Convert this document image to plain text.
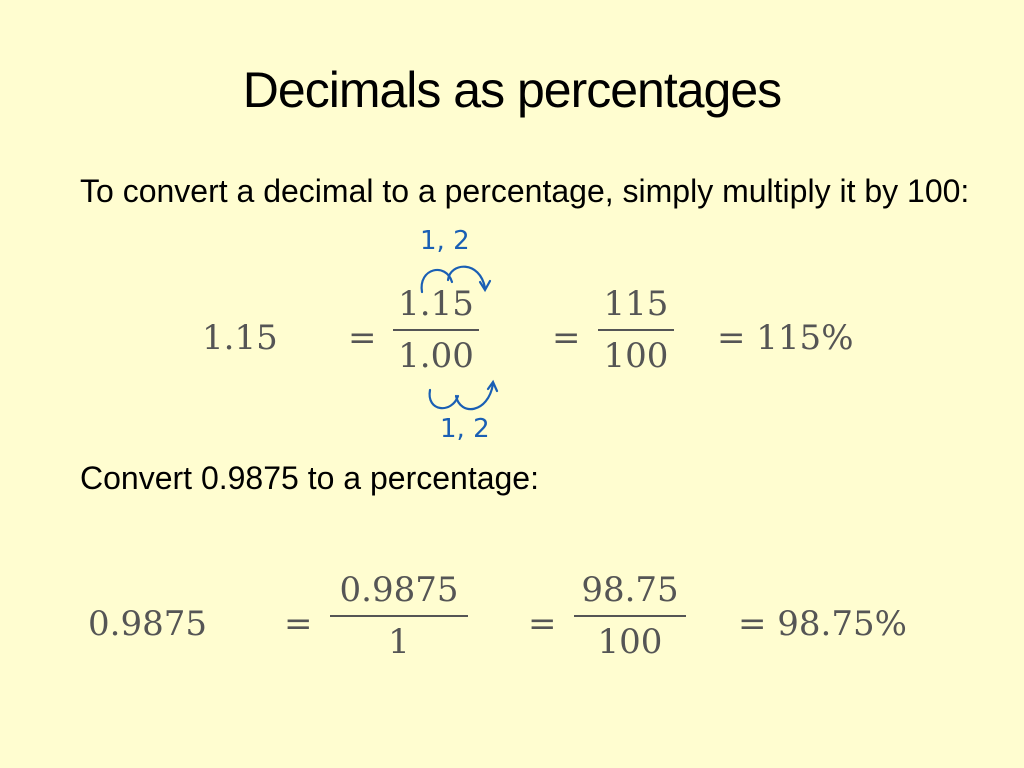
Decimals as percentages
To convert a decimal to a percentage, simply multiply it by 100:
1.15 =
1.15
1.00 =
115
100 = 115%
1, 2
1, 2
Convert 0.9875 to a percentage:
0.9875 =
0.9875
1	=
98.75
100	= 98.75%
